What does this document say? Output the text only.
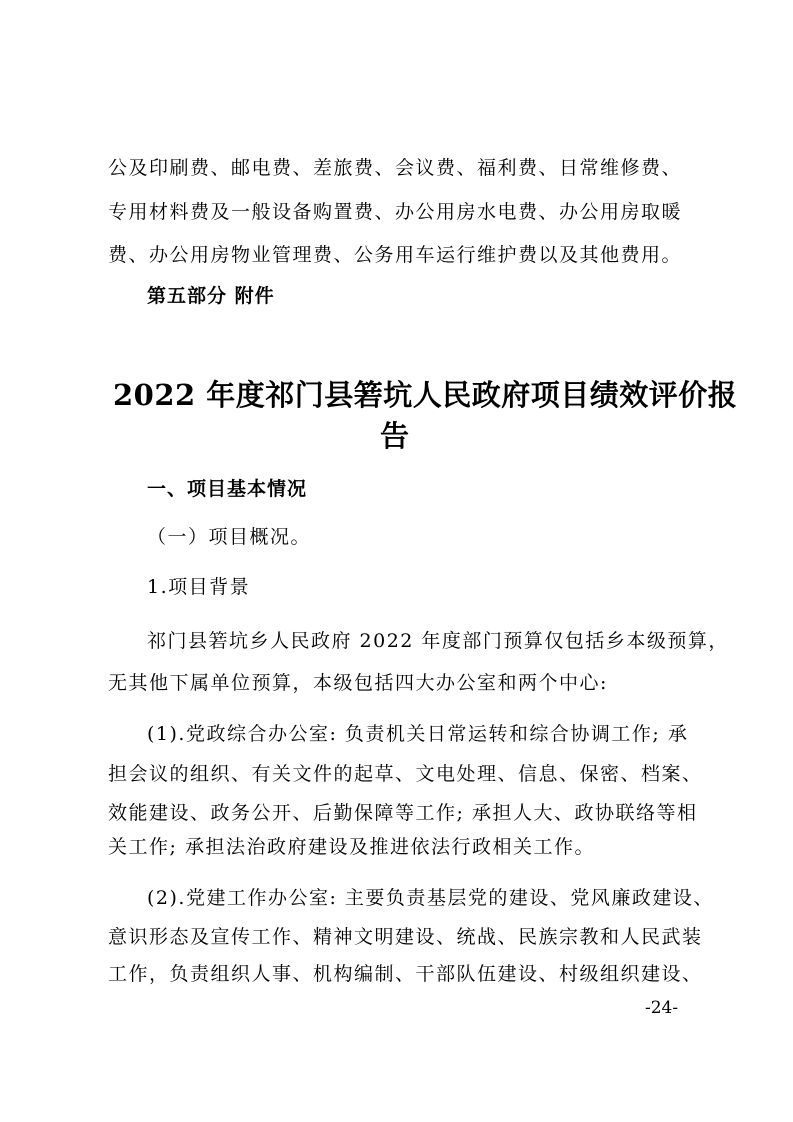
公及印刷费、邮电费、差旅费、会议费、福利费、日常维修费、
专用材料费及一般设备购置费、办公用房水电费、办公用房取暖
费、办公用房物业管理费、公务用车运行维护费以及其他费用。
第五部分 附件
2022 年度祁门县箬坑人民政府项目绩效评价报
告
一、项目基本情况
（一）项目概况。
1.项目背景
祁门县箬坑乡人民政府 2022 年度部门预算仅包括乡本级预算，
无其他下属单位预算，本级包括四大办公室和两个中心:
(1).党政综合办公室: 负责机关日常运转和综合协调工作; 承
担会议的组织、有关文件的起草、文电处理、信息、保密、档案、
效能建设、政务公开、后勤保障等工作; 承担人大、政协联络等相
关工作; 承担法治政府建设及推进依法行政相关工作。
(2).党建工作办公室: 主要负责基层党的建设、党风廉政建设、
意识形态及宣传工作、精神文明建设、统战、民族宗教和人民武装
工作，负责组织人事、机构编制、干部队伍建设、村级组织建设、
-24-
